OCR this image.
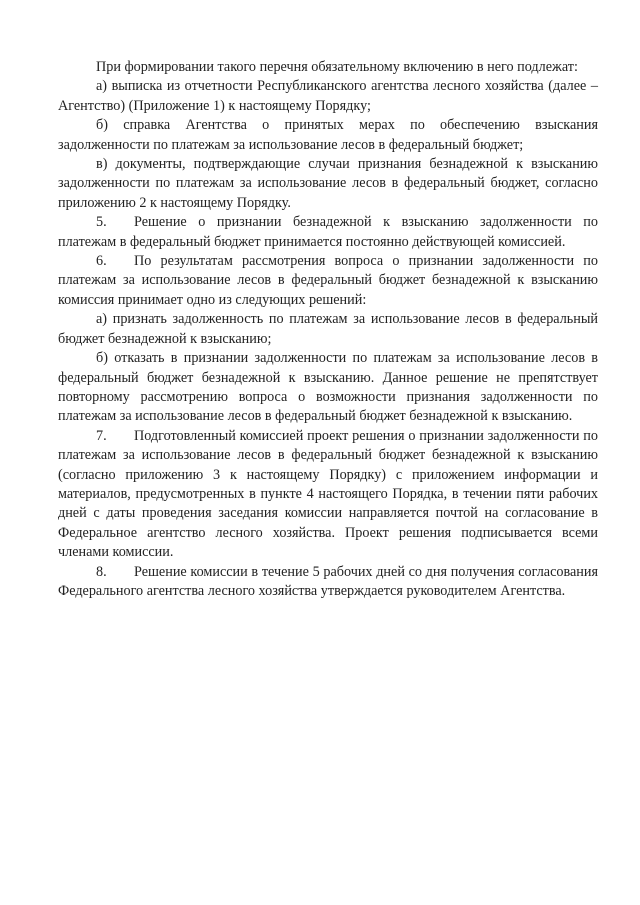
При формировании такого перечня обязательному включению в него подлежат:

а) выписка из отчетности Республиканского агентства лесного хозяйства (далее – Агентство) (Приложение 1) к настоящему Порядку;

б) справка Агентства о принятых мерах по обеспечению взыскания задолженности по платежам за использование лесов в федеральный бюджет;

в) документы, подтверждающие случаи признания безнадежной к взысканию задолженности по платежам за использование лесов в федеральный бюджет, согласно приложению 2 к настоящему Порядку.

5. Решение о признании безнадежной к взысканию задолженности по платежам в федеральный бюджет принимается постоянно действующей комиссией.

6. По результатам рассмотрения вопроса о признании задолженности по платежам за использование лесов в федеральный бюджет безнадежной к взысканию комиссия принимает одно из следующих решений:

а) признать задолженность по платежам за использование лесов в федеральный бюджет безнадежной к взысканию;

б) отказать в признании задолженности по платежам за использование лесов в федеральный бюджет безнадежной к взысканию. Данное решение не препятствует повторному рассмотрению вопроса о возможности признания задолженности по платежам за использование лесов в федеральный бюджет безнадежной к взысканию.

7. Подготовленный комиссией проект решения о признании задолженности по платежам за использование лесов в федеральный бюджет безнадежной к взысканию (согласно приложению 3 к настоящему Порядку) с приложением информации и материалов, предусмотренных в пункте 4 настоящего Порядка, в течении пяти рабочих дней с даты проведения заседания комиссии направляется почтой на согласование в Федеральное агентство лесного хозяйства. Проект решения подписывается всеми членами комиссии.

8. Решение комиссии в течение 5 рабочих дней со дня получения согласования Федерального агентства лесного хозяйства утверждается руководителем Агентства.
